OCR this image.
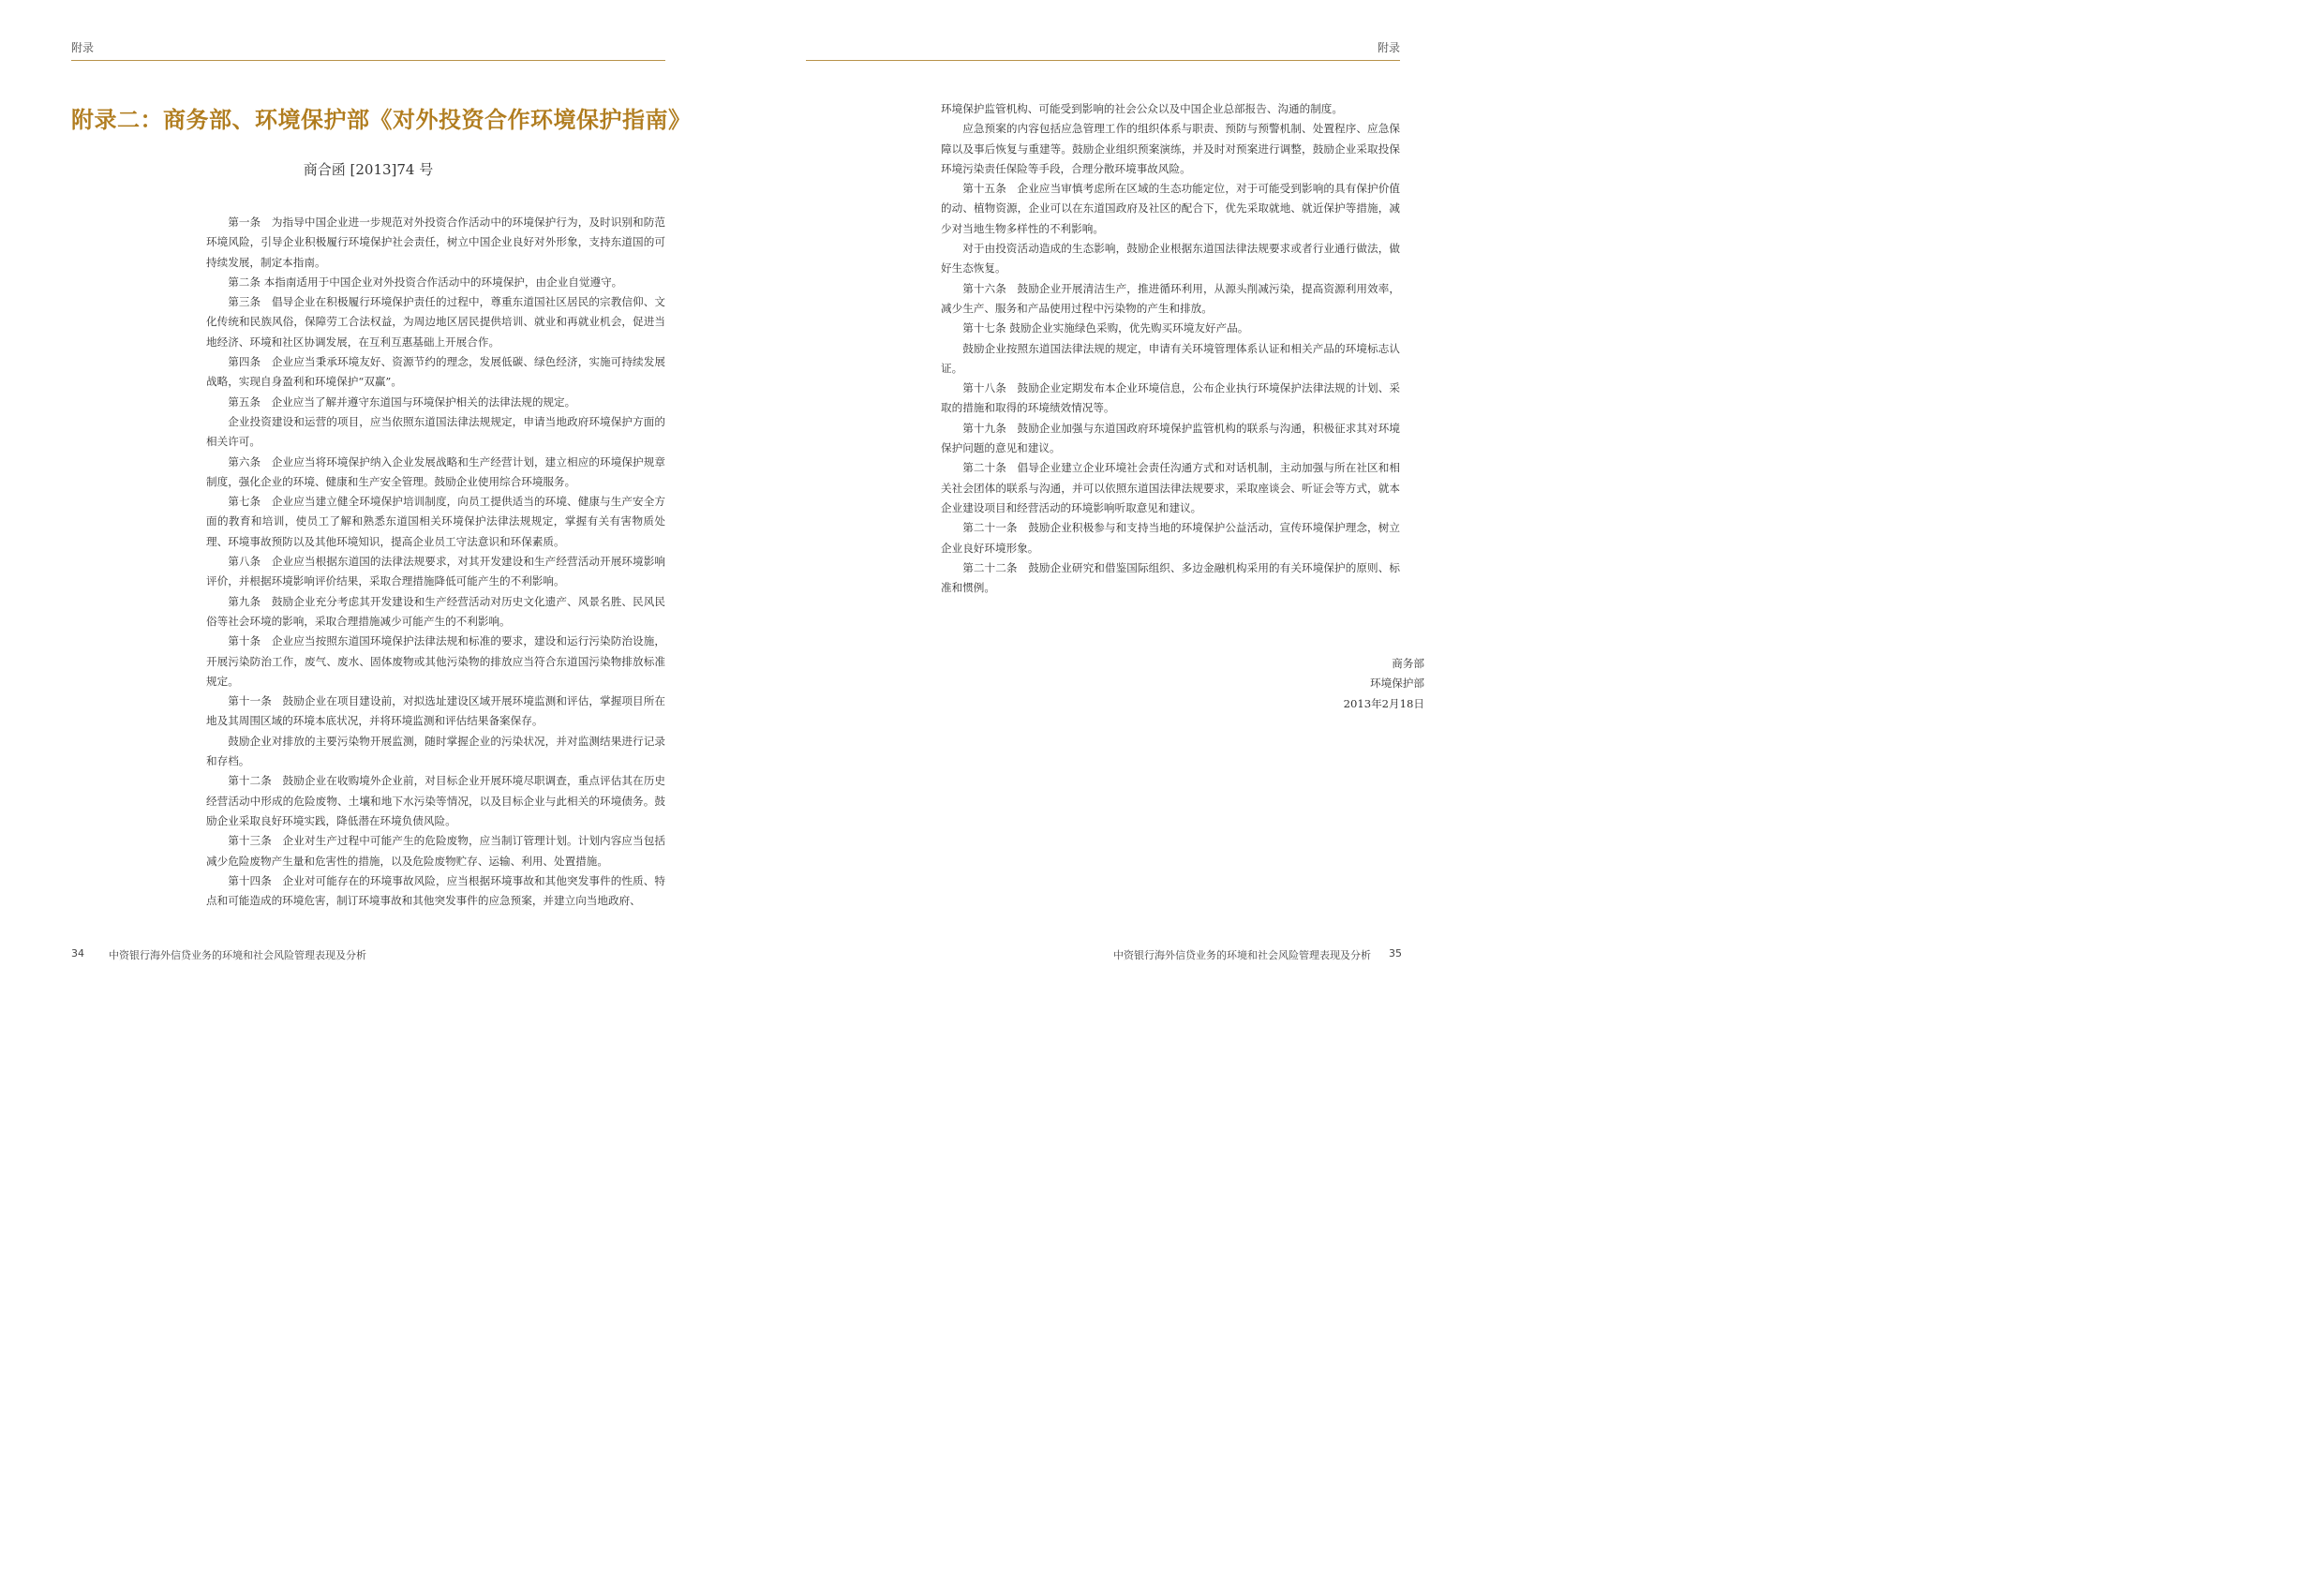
附录
附录二：商务部、环境保护部《对外投资合作环境保护指南》
商合函 [2013]74 号

第一条　为指导中国企业进一步规范对外投资合作活动中的环境保护行为，及时识别和防范环境风险，引导企业积极履行环境保护社会责任，树立中国企业良好对外形象，支持东道国的可持续发展，制定本指南。

第二条 本指南适用于中国企业对外投资合作活动中的环境保护，由企业自觉遵守。

第三条　倡导企业在积极履行环境保护责任的过程中，尊重东道国社区居民的宗教信仰、文化传统和民族风俗，保障劳工合法权益，为周边地区居民提供培训、就业和再就业机会，促进当地经济、环境和社区协调发展，在互利互惠基础上开展合作。

第四条　企业应当秉承环境友好、资源节约的理念，发展低碳、绿色经济，实施可持续发展战略，实现自身盈利和环境保护“双赢”。

第五条　企业应当了解并遵守东道国与环境保护相关的法律法规的规定。

企业投资建设和运营的项目，应当依照东道国法律法规规定，申请当地政府环境保护方面的相关许可。

第六条　企业应当将环境保护纳入企业发展战略和生产经营计划，建立相应的环境保护规章制度，强化企业的环境、健康和生产安全管理。鼓励企业使用综合环境服务。

第七条　企业应当建立健全环境保护培训制度，向员工提供适当的环境、健康与生产安全方面的教育和培训，使员工了解和熟悉东道国相关环境保护法律法规规定，掌握有关有害物质处理、环境事故预防以及其他环境知识，提高企业员工守法意识和环保素质。

第八条　企业应当根据东道国的法律法规要求，对其开发建设和生产经营活动开展环境影响评价，并根据环境影响评价结果，采取合理措施降低可能产生的不利影响。

第九条　鼓励企业充分考虑其开发建设和生产经营活动对历史文化遗产、风景名胜、民风民俗等社会环境的影响，采取合理措施减少可能产生的不利影响。

第十条　企业应当按照东道国环境保护法律法规和标准的要求，建设和运行污染防治设施，开展污染防治工作，废气、废水、固体废物或其他污染物的排放应当符合东道国污染物排放标准规定。

第十一条　鼓励企业在项目建设前，对拟选址建设区域开展环境监测和评估，掌握项目所在地及其周围区域的环境本底状况，并将环境监测和评估结果备案保存。

鼓励企业对排放的主要污染物开展监测，随时掌握企业的污染状况，并对监测结果进行记录和存档。

第十二条　鼓励企业在收购境外企业前，对目标企业开展环境尽职调查，重点评估其在历史经营活动中形成的危险废物、土壤和地下水污染等情况，以及目标企业与此相关的环境债务。鼓励企业采取良好环境实践，降低潜在环境负债风险。

第十三条　企业对生产过程中可能产生的危险废物，应当制订管理计划。计划内容应当包括减少危险废物产生量和危害性的措施，以及危险废物贮存、运输、利用、处置措施。

第十四条　企业对可能存在的环境事故风险，应当根据环境事故和其他突发事件的性质、特点和可能造成的环境危害，制订环境事故和其他突发事件的应急预案，并建立向当地政府、

34 中资银行海外信贷业务的环境和社会风险管理表现及分析
附录

环境保护监管机构、可能受到影响的社会公众以及中国企业总部报告、沟通的制度。

应急预案的内容包括应急管理工作的组织体系与职责、预防与预警机制、处置程序、应急保障以及事后恢复与重建等。鼓励企业组织预案演练，并及时对预案进行调整，鼓励企业采取投保环境污染责任保险等手段，合理分散环境事故风险。

第十五条　企业应当审慎考虑所在区域的生态功能定位，对于可能受到影响的具有保护价值的动、植物资源，企业可以在东道国政府及社区的配合下，优先采取就地、就近保护等措施，减少对当地生物多样性的不利影响。

对于由投资活动造成的生态影响，鼓励企业根据东道国法律法规要求或者行业通行做法，做好生态恢复。

第十六条　鼓励企业开展清洁生产，推进循环利用，从源头削减污染，提高资源利用效率，减少生产、服务和产品使用过程中污染物的产生和排放。

第十七条 鼓励企业实施绿色采购，优先购买环境友好产品。

鼓励企业按照东道国法律法规的规定，申请有关环境管理体系认证和相关产品的环境标志认证。

第十八条　鼓励企业定期发布本企业环境信息，公布企业执行环境保护法律法规的计划、采取的措施和取得的环境绩效情况等。

第十九条　鼓励企业加强与东道国政府环境保护监管机构的联系与沟通，积极征求其对环境保护问题的意见和建议。

第二十条　倡导企业建立企业环境社会责任沟通方式和对话机制，主动加强与所在社区和相关社会团体的联系与沟通，并可以依照东道国法律法规要求，采取座谈会、听证会等方式，就本企业建设项目和经营活动的环境影响听取意见和建议。

第二十一条　鼓励企业积极参与和支持当地的环境保护公益活动，宣传环境保护理念，树立企业良好环境形象。

第二十二条　鼓励企业研究和借鉴国际组织、多边金融机构采用的有关环境保护的原则、标准和惯例。

商务部
环境保护部
2013年2月18日
中资银行海外信贷业务的环境和社会风险管理表现及分析 35
